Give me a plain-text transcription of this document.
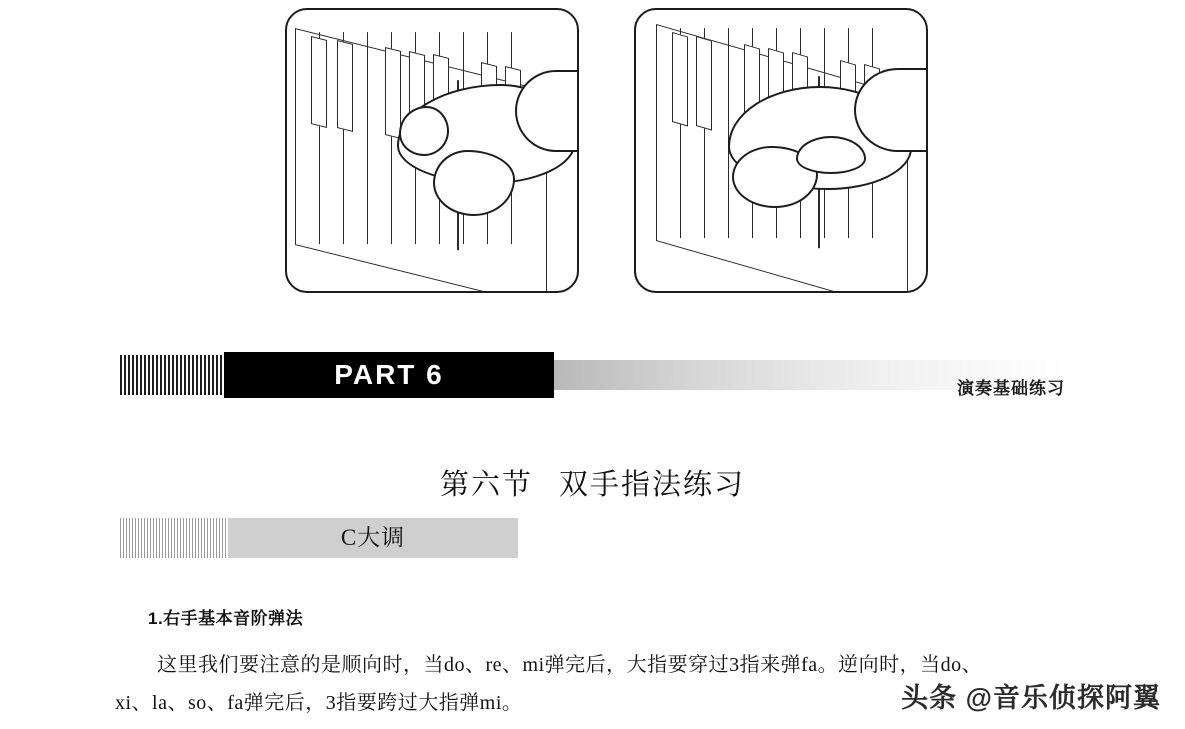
PART 6	演奏基础练习
第六节 双手指法练习
C大调
1.右手基本音阶弹法
这里我们要注意的是顺向时，当do、re、mi弹完后，大指要穿过3指来弹fa。逆向时，当do、
xi、la、so、fa弹完后，3指要跨过大指弹mi。	头条 @音乐侦探阿翼
